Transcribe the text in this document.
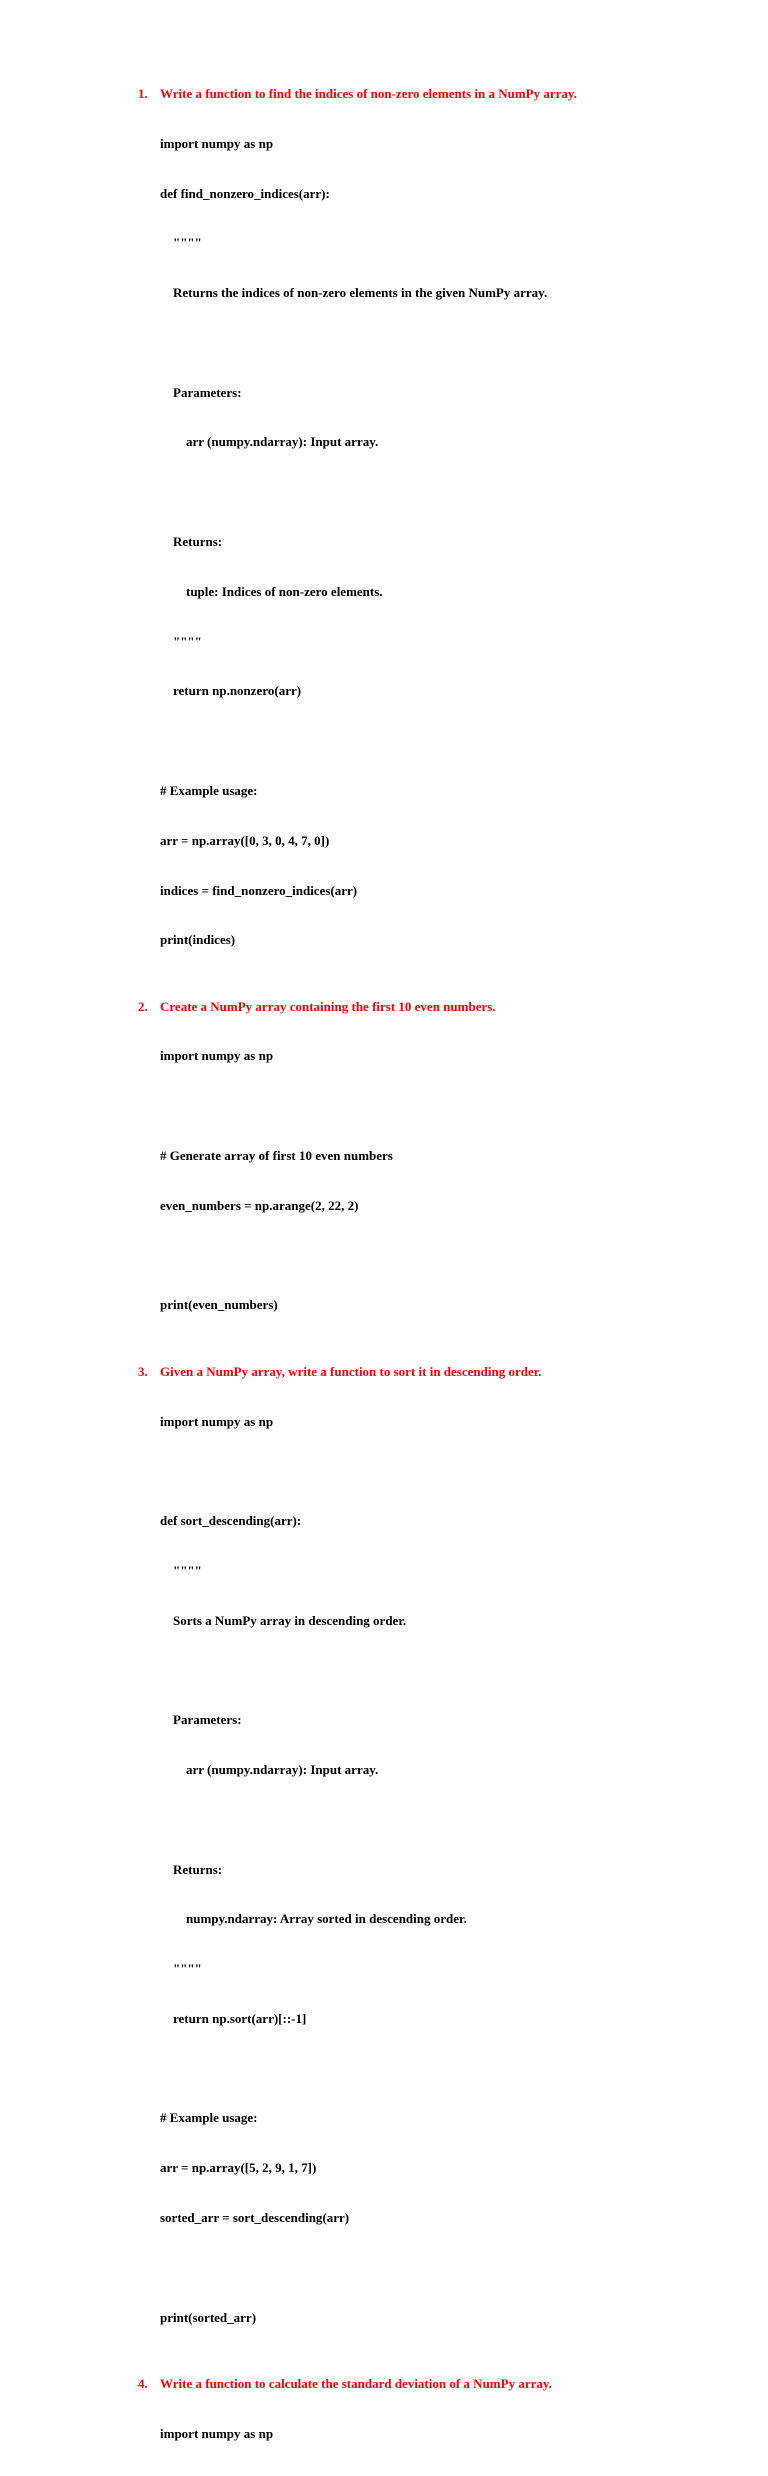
1. Write a function to find the indices of non-zero elements in a NumPy array.

import numpy as np

def find_nonzero_indices(arr):

""""

Returns the indices of non-zero elements in the given NumPy array.

Parameters:

arr (numpy.ndarray): Input array.

Returns:

tuple: Indices of non-zero elements.

""""

return np.nonzero(arr)

# Example usage:

arr = np.array([0, 3, 0, 4, 7, 0])

indices = find_nonzero_indices(arr)

print(indices)

2. Create a NumPy array containing the first 10 even numbers.

import numpy as np

# Generate array of first 10 even numbers

even_numbers = np.arange(2, 22, 2)

print(even_numbers)

3. Given a NumPy array, write a function to sort it in descending order.

import numpy as np

def sort_descending(arr):

""""

Sorts a NumPy array in descending order.

Parameters:

arr (numpy.ndarray): Input array.

Returns:

numpy.ndarray: Array sorted in descending order.

""""

return np.sort(arr)[::-1]

# Example usage:

arr = np.array([5, 2, 9, 1, 7])

sorted_arr = sort_descending(arr)

print(sorted_arr)

4. Write a function to calculate the standard deviation of a NumPy array.

import numpy as np
